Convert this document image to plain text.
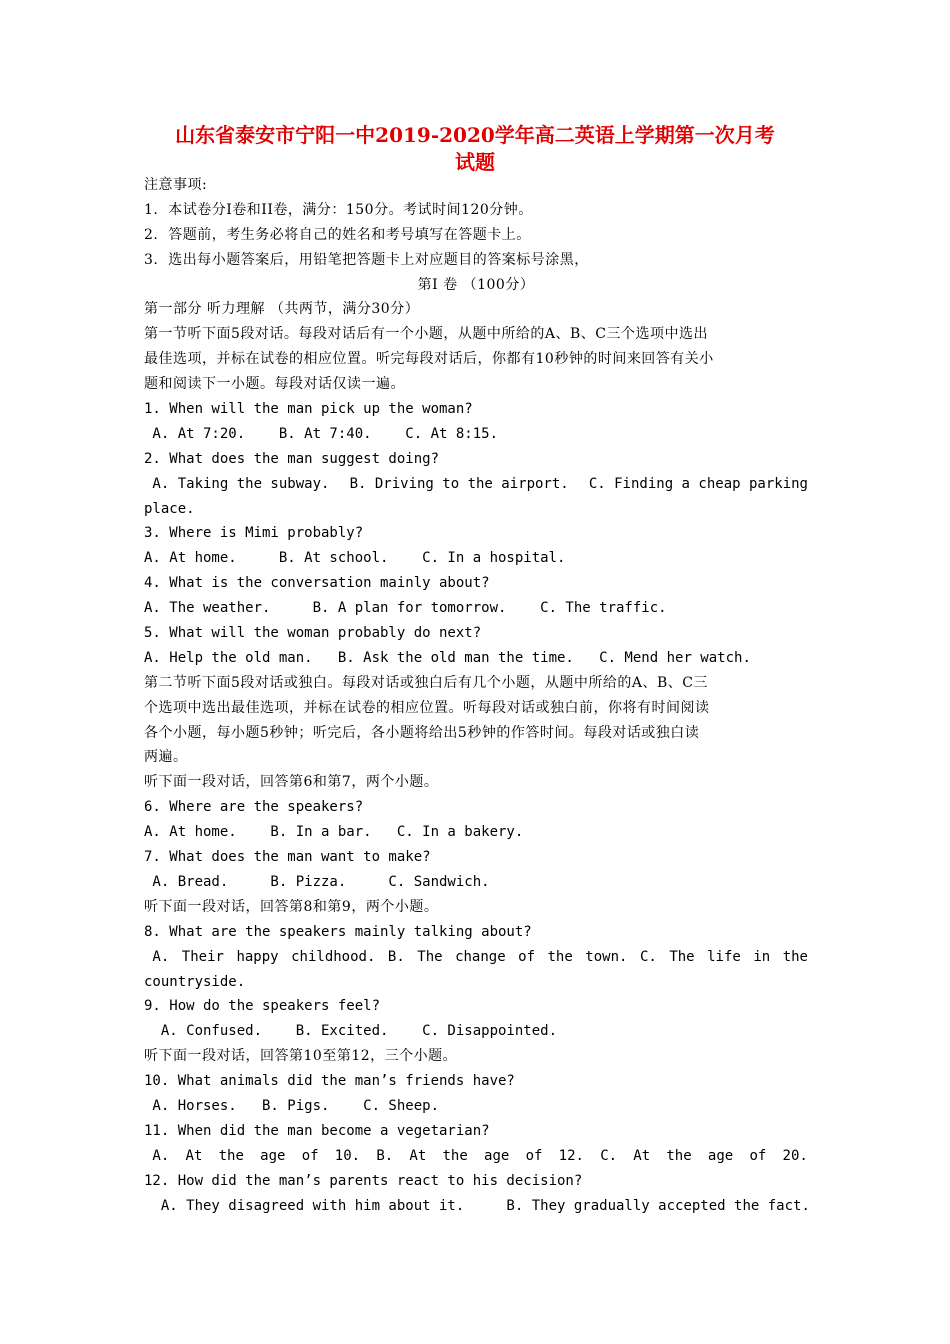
山东省泰安市宁阳一中2019-2020学年高二英语上学期第一次月考
试题
注意事项:
1.  本试卷分I卷和II卷，满分：150分。考试时间120分钟。
2.  答题前，考生务必将自己的姓名和考号填写在答题卡上。
3.  选出每小题答案后，用铅笔把答题卡上对应题目的答案标号涂黑，
第I 卷 （100分）
第一部分 听力理解 （共两节，满分30分）
第一节听下面5段对话。每段对话后有一个小题，从题中所给的A、B、C三个选项中选出
最佳选项，并标在试卷的相应位置。听完每段对话后，你都有10秒钟的时间来回答有关小
题和阅读下一小题。每段对话仅读一遍。
1. When will the man pick up the woman?
A. At 7:20.    B. At 7:40.    C. At 8:15.
2. What does the man suggest doing?
A. Taking the subway. B. Driving to the airport. C. Finding a cheap parking
place.
3. Where is Mimi probably?
A. At home.     B. At school.    C. In a hospital.
4. What is the conversation mainly about?
A. The weather.     B. A plan for tomorrow.    C. The traffic.
5. What will the woman probably do next?
A. Help the old man.   B. Ask the old man the time.   C. Mend her watch.
第二节听下面5段对话或独白。每段对话或独白后有几个小题，从题中所给的A、B、C三
个选项中选出最佳选项，并标在试卷的相应位置。听每段对话或独白前，你将有时间阅读
各个小题，每小题5秒钟；听完后，各小题将给出5秒钟的作答时间。每段对话或独白读
两遍。
听下面一段对话，回答第6和第7，两个小题。
6. Where are the speakers?
A. At home.    B. In a bar.   C. In a bakery.
7. What does the man want to make?
A. Bread.     B. Pizza.     C. Sandwich.
听下面一段对话，回答第8和第9，两个小题。
8. What are the speakers mainly talking about?
A. Their happy childhood. B. The change of the town. C. The life in the
countryside.
9. How do the speakers feel?
A. Confused.    B. Excited.    C. Disappointed.
听下面一段对话，回答第10至第12，三个小题。
10. What animals did the man’s friends have?
A. Horses.   B. Pigs.    C. Sheep.
11. When did the man become a vegetarian?
A. At the age of 10. B. At the age of 12. C. At the age of 20.
12. How did the man’s parents react to his decision?
A. They disagreed with him about it.     B. They gradually accepted the fact.
